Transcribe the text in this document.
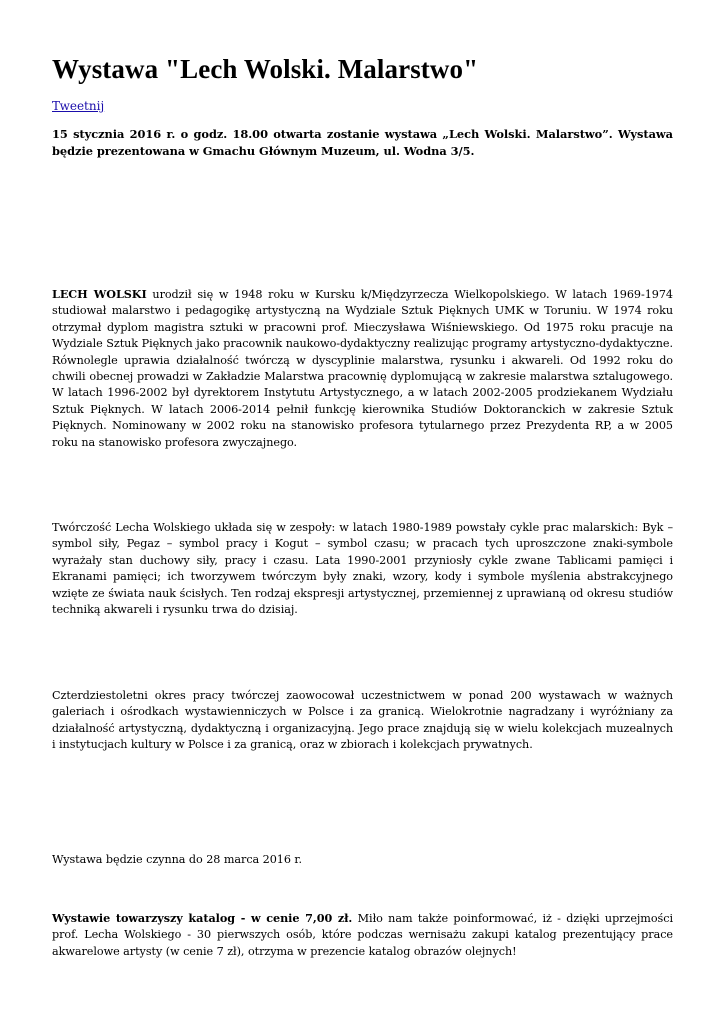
Wystawa "Lech Wolski. Malarstwo"
Tweetnij

15 stycznia 2016 r. o godz. 18.00 otwarta zostanie wystawa „Lech Wolski. Malarstwo”. Wystawa będzie prezentowana w Gmachu Głównym Muzeum, ul. Wodna 3/5.

LECH WOLSKI urodził się w 1948 roku w Kursku k/Międzyrzecza Wielkopolskiego. W latach 1969-1974 studiował malarstwo i pedagogikę artystyczną na Wydziale Sztuk Pięknych UMK w Toruniu. W 1974 roku otrzymał dyplom magistra sztuki w pracowni prof. Mieczysława Wiśniewskiego. Od 1975 roku pracuje na Wydziale Sztuk Pięknych jako pracownik naukowo-dydaktyczny realizując programy artystyczno-dydaktyczne. Równolegle uprawia działalność twórczą w dyscyplinie malarstwa, rysunku i akwareli. Od 1992 roku do chwili obecnej prowadzi w Zakładzie Malarstwa pracownię dyplomującą w zakresie malarstwa sztalugowego. W latach 1996-2002 był dyrektorem Instytutu Artystycznego, a w latach 2002-2005 prodziekanem Wydziału Sztuk Pięknych. W latach 2006-2014 pełnił funkcję kierownika Studiów Doktoranckich w zakresie Sztuk Pięknych. Nominowany w 2002 roku na stanowisko profesora tytularnego przez Prezydenta RP, a w 2005 roku na stanowisko profesora zwyczajnego.

Twórczość Lecha Wolskiego układa się w zespoły: w latach 1980-1989 powstały cykle prac malarskich: Byk – symbol siły, Pegaz – symbol pracy i Kogut – symbol czasu; w pracach tych uproszczone znaki-symbole wyrażały stan duchowy siły, pracy i czasu. Lata 1990-2001 przyniosły cykle zwane Tablicami pamięci i Ekranami pamięci; ich tworzywem twórczym były znaki, wzory, kody i symbole myślenia abstrakcyjnego wzięte ze świata nauk ścisłych. Ten rodzaj ekspresji artystycznej, przemiennej z uprawianą od okresu studiów techniką akwareli i rysunku trwa do dzisiaj.

Czterdziestoletni okres pracy twórczej zaowocował uczestnictwem w ponad 200 wystawach w ważnych galeriach i ośrodkach wystawienniczych w Polsce i za granicą. Wielokrotnie nagradzany i wyróżniany za działalność artystyczną, dydaktyczną i organizacyjną. Jego prace znajdują się w wielu kolekcjach muzealnych i instytucjach kultury w Polsce i za granicą, oraz w zbiorach i kolekcjach prywatnych.

Wystawa będzie czynna do 28 marca 2016 r.

Wystawie towarzyszy katalog - w cenie 7,00 zł. Miło nam także poinformować, iż - dzięki uprzejmości prof. Lecha Wolskiego - 30 pierwszych osób, które podczas wernisażu zakupi katalog prezentujący prace akwarelowe artysty (w cenie 7 zł), otrzyma w prezencie katalog obrazów olejnych!
